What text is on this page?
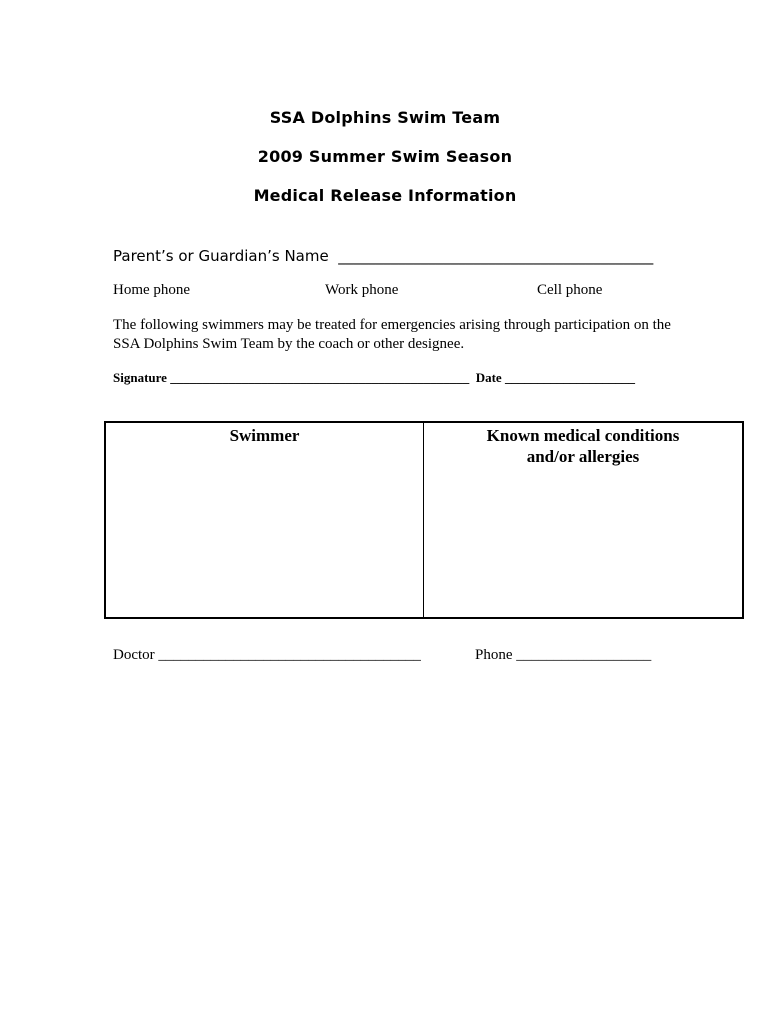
SSA Dolphins Swim Team
2009 Summer Swim Season
Medical Release Information
Parent’s or Guardian’s Name __________________________________________
Home phone	Work phone	Cell phone
The following swimmers may be treated for emergencies arising through participation on the SSA Dolphins Swim Team by the coach or other designee.
Signature ______________________________________________ Date ____________________
Swimmer	Known medical conditions
and/or allergies
Doctor ___________________________________	Phone __________________
